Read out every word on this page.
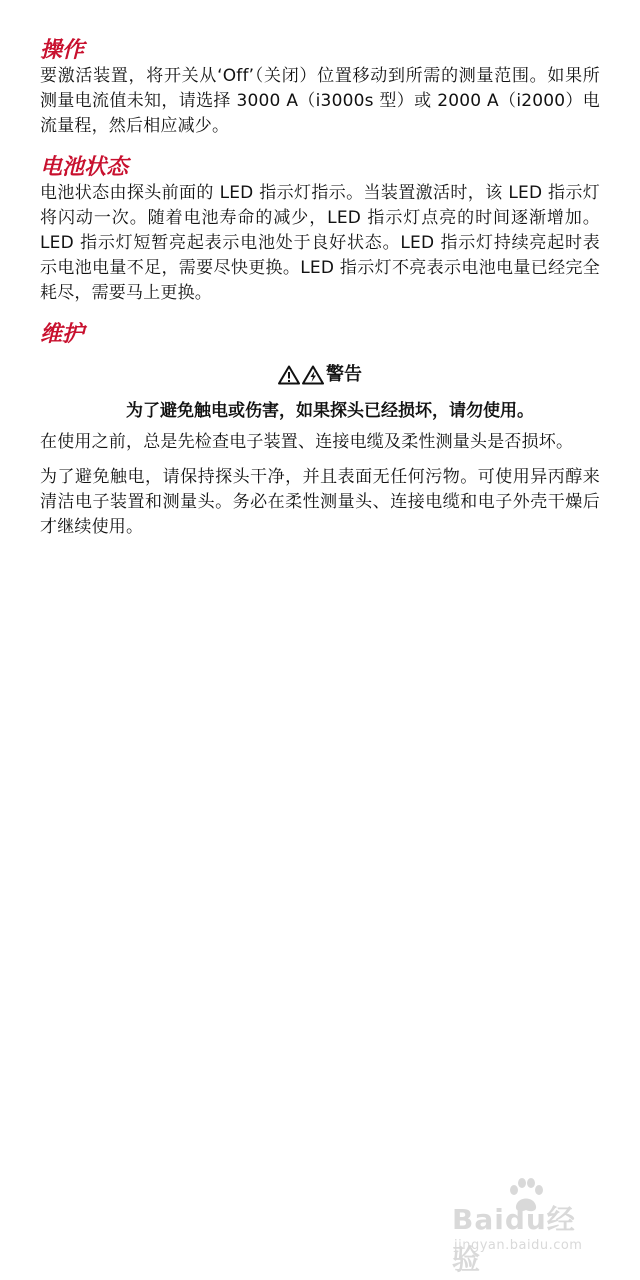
操作

要激活装置，将开关从‘Off’（关闭）位置移动到所需的测量范围。如果所测量电流值未知，请选择 3000 A（i3000s 型）或 2000 A（i2000）电流量程，然后相应减少。

电池状态

电池状态由探头前面的 LED 指示灯指示。当装置激活时，该 LED 指示灯将闪动一次。随着电池寿命的减少，LED 指示灯点亮的时间逐渐增加。LED 指示灯短暂亮起表示电池处于良好状态。LED 指示灯持续亮起时表示电池电量不足，需要尽快更换。LED 指示灯不亮表示电池电量已经完全耗尽，需要马上更换。

维护
警告

为了避免触电或伤害，如果探头已经损坏，请勿使用。

在使用之前，总是先检查电子装置、连接电缆及柔性测量头是否损坏。

为了避免触电，请保持探头干净，并且表面无任何污物。可使用异丙醇来清洁电子装置和测量头。务必在柔性测量头、连接电缆和电子外壳干燥后才继续使用。

Baidu经验
jingyan.baidu.com
